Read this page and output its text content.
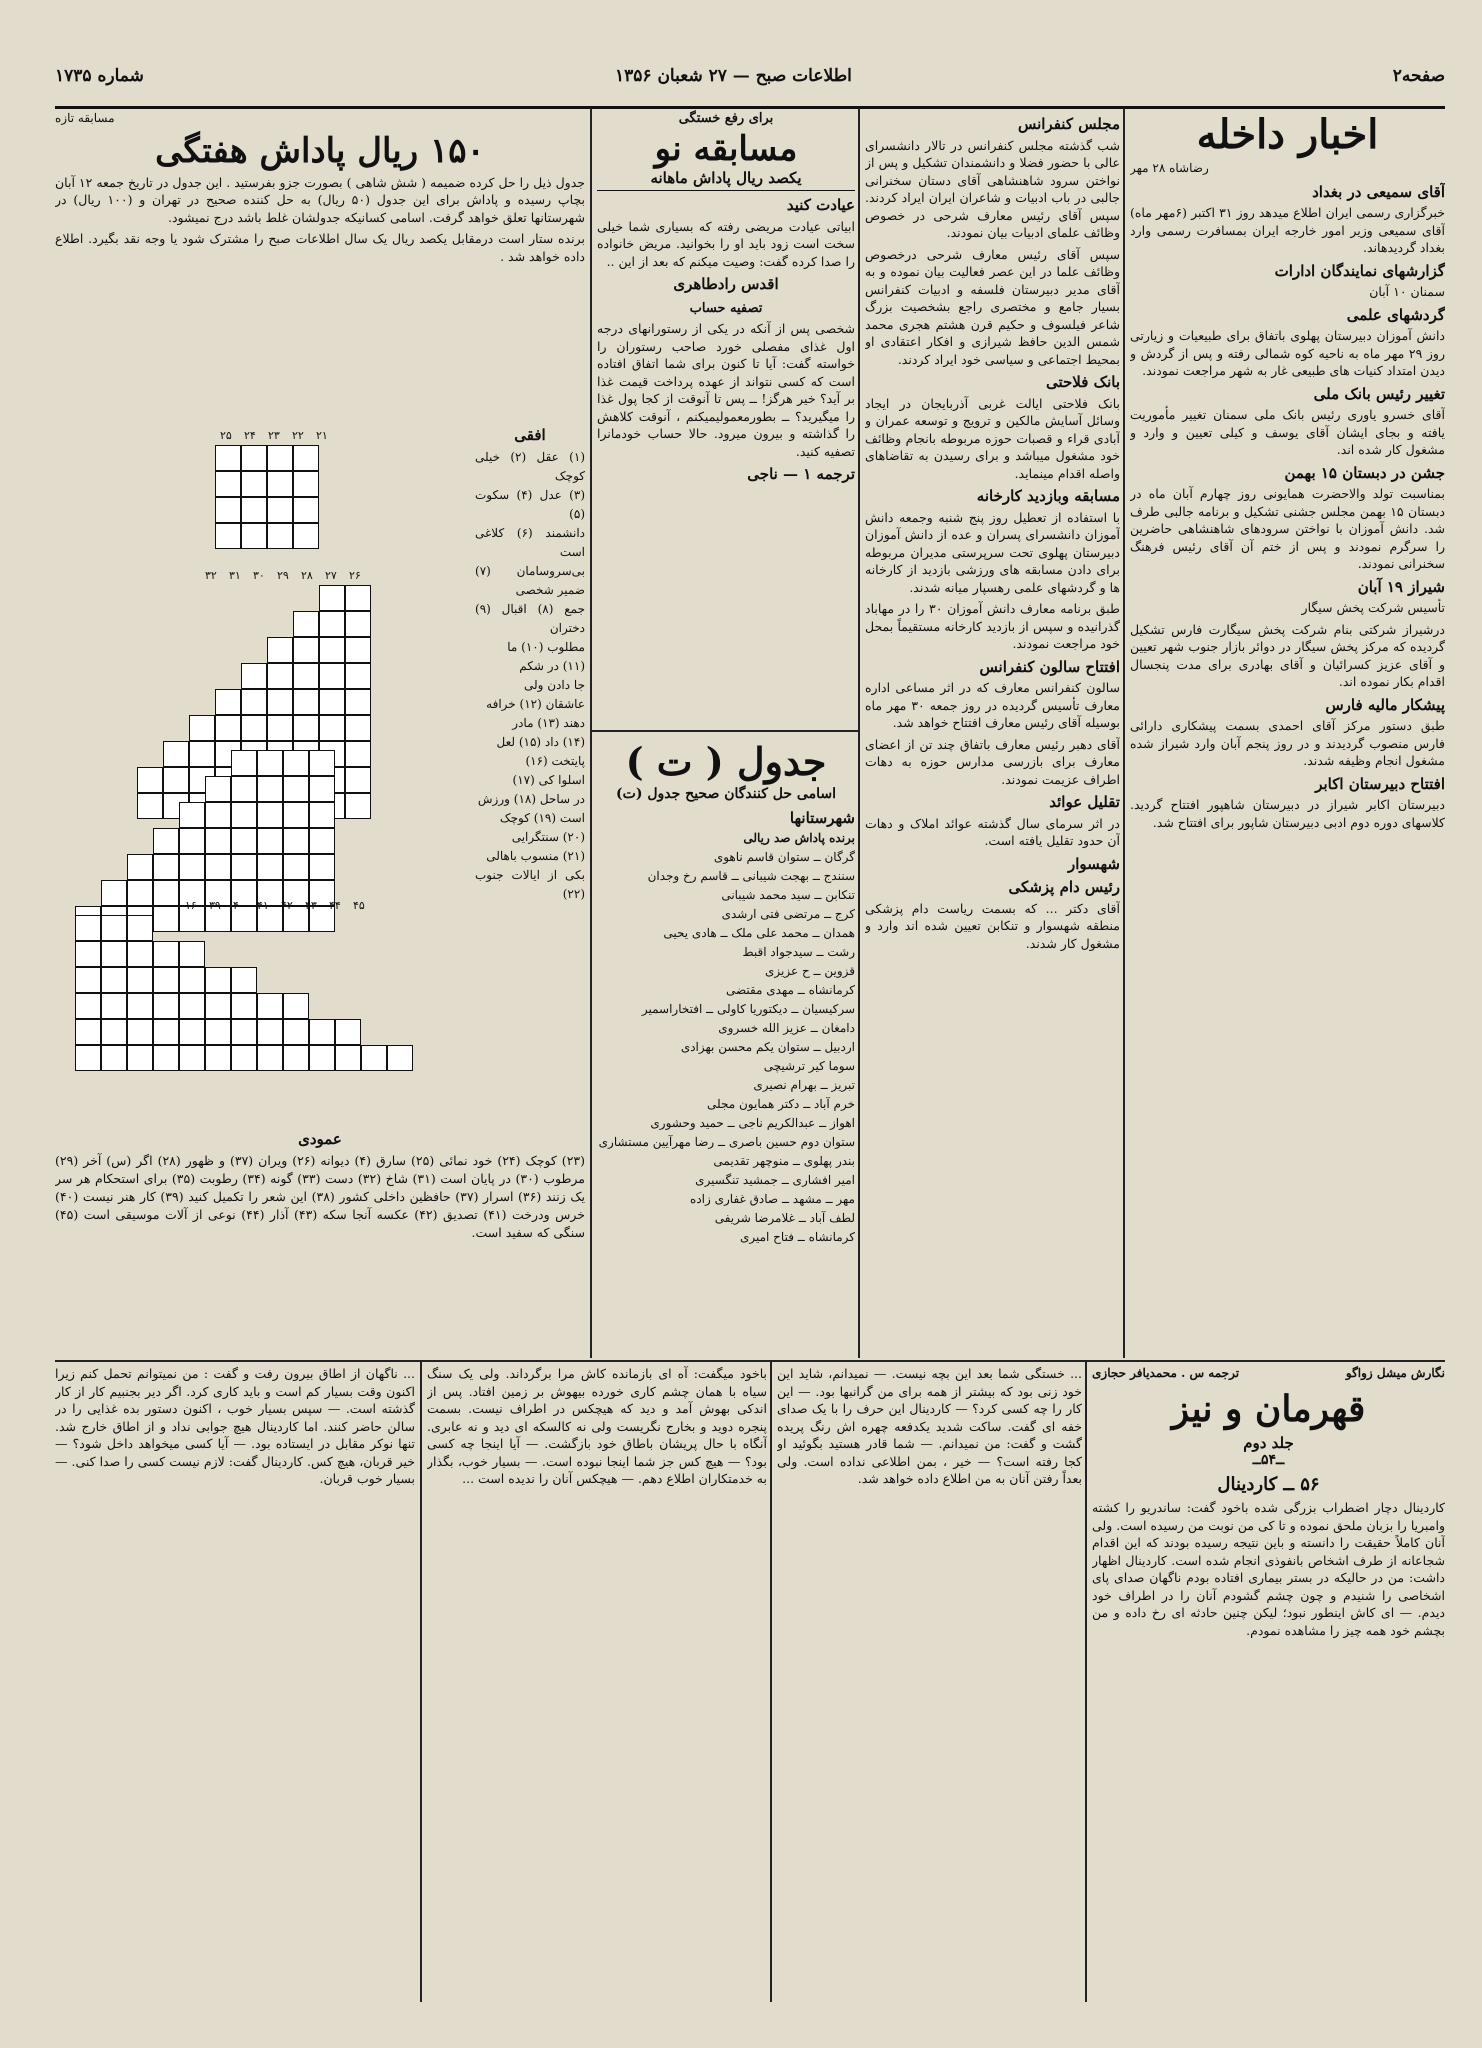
صفحه۲
اطلاعات صبح — ۲۷ شعبان ۱۳۵۶
شماره ۱۷۳۵
اخبار داخله
رضاشاه ۲۸ مهر
آقای سمیعی در بغداد

خبرگزاری رسمی ایران اطلاع میدهد روز ۳۱ اکتبر (۶مهر ماه) آقای سمیعی وزیر امور خارجه ایران بمسافرت رسمی وارد بغداد گردیدهاند.

گزارشهای نمایندگان ادارات

سمنان ۱۰ آبان

گردشهای علمی

دانش آموزان دبیرستان پهلوی باتفاق برای طبیعیات و زیارتی روز ۲۹ مهر ماه به ناحیه کوه شمالی رفته و پس از گردش و دیدن امتداد کنیات های طبیعی غار به شهر مراجعت نمودند.

تغییر رئیس بانک ملی

آقای خسرو یاوری رئیس بانک ملی سمنان تغییر مأموریت یافته و بجای ایشان آقای یوسف و کیلی تعیین و وارد و مشغول کار شده اند.

جشن در دبستان ۱۵ بهمن

بمناسبت تولد والاحضرت همایونی روز چهارم آبان ماه در دبستان ۱۵ بهمن مجلس جشنی تشکیل و برنامه جالبی طرف شد. دانش آموزان با نواختن سرودهای شاهنشاهی حاضرین را سرگرم نمودند و پس از ختم آن آقای رئیس فرهنگ سخنرانی نمودند.

شیراز ۱۹ آبان

تأسیس شرکت پخش سیگار

درشیراز شرکتی بنام شرکت پخش سیگارت فارس تشکیل گردیده که مرکز پخش سیگار در دوائر بازار جنوب شهر تعیین و آقای عزیز کسرائیان و آقای بهادری برای مدت پنجسال اقدام بکار نموده اند.

پیشکار مالیه فارس

طبق دستور مرکز آقای احمدی بسمت پیشکاری دارائی فارس منصوب گردیدند و در روز پنجم آبان وارد شیراز شده مشغول انجام وظیفه شدند.

افتتاح دبیرستان اکابر

دبیرستان اکابر شیراز در دبیرستان شاهپور افتتاح گردید. کلاسهای دوره دوم ادبی دبیرستان شاپور برای افتتاح شد.

مجلس کنفرانس

شب گذشته مجلس کنفرانس در تالار دانشسرای عالی با حضور فضلا و دانشمندان تشکیل و پس از نواختن سرود شاهنشاهی آقای دستان سخنرانی جالبی در باب ادبیات و شاعران ایران ایراد کردند. سپس آقای رئیس معارف شرحی در خصوص وظائف علمای ادبیات بیان نمودند.

سپس آقای رئیس معارف شرحی درخصوص وظائف علما در این عصر فعالیت بیان نموده و به آقای مدیر دبیرستان فلسفه و ادبیات کنفرانس بسیار جامع و مختصری راجع بشخصیت بزرگ شاعر فیلسوف و حکیم قرن هشتم هجری محمد شمس الدین حافظ شیرازی و افکار اعتقادی او بمحیط اجتماعی و سیاسی خود ایراد کردند.

بانک فلاحتی

بانک فلاحتی ایالت غربی آذربایجان در ایجاد وسائل آسایش مالکین و ترویج و توسعه عمران و آبادی قراء و قصبات حوزه مربوطه بانجام وظائف خود مشغول میباشد و برای رسیدن به تقاضاهای واصله اقدام مینماید.

مسابقه وبازدید کارخانه

با استفاده از تعطیل روز پنج شنبه وجمعه دانش آموزان دانشسرای پسران و عده از دانش آموزان دبیرستان پهلوی تحت سرپرستی مدیران مربوطه برای دادن مسابقه های ورزشی بازدید از کارخانه ها و گردشهای علمی رهسپار میانه شدند.

طبق برنامه معارف دانش آموزان ۳۰ را در مهاباد گذرانیده و سپس از بازدید کارخانه مستقیماً بمحل خود مراجعت نمودند.

افتتاح سالون کنفرانس

سالون کنفرانس معارف که در اثر مساعی اداره معارف تأسیس گردیده در روز جمعه ۳۰ مهر ماه بوسیله آقای رئیس معارف افتتاح خواهد شد.

آقای دهبر رئیس معارف باتفاق چند تن از اعضای معارف برای بازرسی مدارس حوزه به دهات اطراف عزیمت نمودند.

تقلیل عوائد

در اثر سرمای سال گذشته عوائد املاک و دهات آن حدود تقلیل یافته است.

شهسوار
رئیس دام پزشکی

آقای دکتر ... که بسمت ریاست دام پزشکی منطقه شهسوار و تنکابن تعیین شده اند وارد و مشغول کار شدند.

برای رفع خستگی
مسابقه نو
یکصد ریال پاداش ماهانه
عیادت کنید

ابیاتی عیادت مریضی رفته که بسیاری شما خیلی سخت است زود باید او را بخوانید. مریض خانواده را صدا کرده گفت: وصیت میکنم که بعد از این ..

اقدس رادطاهری
تصفیه حساب

شخصی پس از آنکه در یکی از رستورانهای درجه اول غذای مفصلی خورد صاحب رستوران را خواسته گفت: آیا تا کنون برای شما اتفاق افتاده است که کسی نتواند از عهده پرداخت قیمت غذا بر آید؟ خیر هرگز! ــ پس تا آنوقت از کجا پول غذا را میگیرید؟ ــ بطورمعمولیمیکنم ، آنوقت کلاهش را گذاشته و بیرون میرود. حالا حساب خودمانرا تصفیه کنید.

ترجمه ۱ — ناجی
جدول ( ت )
اسامی حل کنندگان صحیح جدول (ت)
شهرستانها
برنده پاداش صد ریالی
گرگان ــ ستوان قاسم ناهوی
سنندج ــ بهجت شیبانی ــ قاسم رخ وجدان
تنکابن ــ سید محمد شیبانی
کرج ــ مرتضی فتی ارشدی
همدان ــ محمد علی ملک ــ هادی یحیی
رشت ــ سیدجواد اقبط
قزوین ــ ح عزیزی
کرمانشاه ــ مهدی مقتضی
سرکیسیان ــ دیکتوریا کاولی ــ افتخاراسمیر
دامغان ــ عزیز الله خسروی
اردبیل ــ ستوان یکم محسن بهزادی
سوما کیر ترشیچی
تبریز ــ بهرام نصیری
خرم آباد ــ دکتر همایون مجلی
اهواز ــ عبدالکریم ناجی ــ حمید وحشوری
ستوان دوم حسین باصری ــ رضا مهرآیین مستشاری
بندر پهلوی ــ منوچهر تقدیمی
امیر افشاری ــ جمشید تنگسیری
مهر ــ مشهد ــ صادق غفاری زاده
لطف آباد ــ غلامرضا شریفی
کرمانشاه ــ فتاح امیری
مسابقه تازه
۱۵۰ ریال پاداش هفتگی

جدول ذیل را حل کرده ضمیمه ( شش شاهی ) بصورت جزو بفرستید . این جدول در تاریخ جمعه ۱۲ آبان بچاپ رسیده و پاداش برای این جدول (۵۰ ریال) به حل کننده صحیح در تهران و (۱۰۰ ریال) در شهرستانها تعلق خواهد گرفت. اسامی کسانیکه جدولشان غلط باشد درج نمیشود.

برنده ستار است درمقابل یکصد ریال یک سال اطلاعات صبح را مشترک شود یا وجه نقد بگیرد. اطلاع داده خواهد شد .

افقی
(۱) عقل (۲) خیلی کوچک
(۳) عدل (۴) سکوت (۵)
دانشمند (۶) کلاغی است
بی‌سروسامان (۷) ضمیر شخصی
جمع (۸) اقبال (۹) دختران
مطلوب (۱۰) ما
(۱۱) در شکم
جا دادن ولی
عاشقان (۱۲) خرافه
دهند (۱۳) مادر
(۱۴) داد (۱۵) لعل
پایتخت (۱۶)
اسلوا کی (۱۷)
در ساحل (۱۸) ورزش
است (۱۹) کوچک
(۲۰) سنتگرایی
(۲۱) منسوب باهالی
بکی از ایالات جنوب (۲۲)
۲۵ ۲۴ ۲۳ ۲۲ ۲۱
۳۲ ۳۱ ۳۰ ۲۹ ۲۸ ۲۷ ۲۶
۱۶ ۳۹ ۴۰ ۴۱ ۴۲ ۴۳ ۴۴ ۴۵
عمودی

(۲۳) کوچک (۲۴) خود نمائی (۲۵) سارق (۴) دیوانه (۲۶) ویران (۳۷) و ظهور (۲۸) اگر (س) آخر (۲۹) مرطوب (۳۰) در پایان است (۳۱) شاخ (۳۲) دست (۳۳) گونه (۳۴) رطوبت (۳۵) برای استحکام هر سر یک زنند (۳۶) اسرار (۳۷) حافظین داخلی کشور (۳۸) این شعر را تکمیل کنید (۳۹) کار هنر نیست (۴۰) خرس ودرخت (۴۱) تصدیق (۴۲) عکسه آنجا سکه (۴۳) آذار (۴۴) نوعی از آلات موسیقی است (۴۵) سنگی که سفید است.

نگارش میشل زواگو
ترجمه س . محمدیافر حجازی
قهرمان و نیز
جلد دوم
ــ۵۴ــ
۵۶ ــ کاردینال

کاردینال دچار اضطراب بزرگی شده باخود گفت: ساندریو را کشته وامبریا را بزبان ملحق نموده و تا کی من نوبت من رسیده است. ولی آنان کاملاً حقیقت را دانسته و باین نتیجه رسیده بودند که این اقدام شجاعانه از طرف اشخاص بانفوذی انجام شده است. کاردینال اظهار داشت: من در حالیکه در بستر بیماری افتاده بودم ناگهان صدای پای اشخاصی را شنیدم و چون چشم گشودم آنان را در اطراف خود دیدم. — ای کاش اینطور نبود؛ لیکن چنین حادثه ای رخ داده و من بچشم خود همه چیز را مشاهده نمودم.

... خستگی شما بعد این بچه نیست. — نمیدانم، شاید این خود زنی بود که بیشتر از همه برای من گرانبها بود. — این کار را چه کسی کرد؟ — کاردینال این حرف را با یک صدای خفه ای گفت. ساکت شدید یکدفعه چهره اش رنگ پریده گشت و گفت: من نمیدانم. — شما قادر هستید بگوئید او کجا رفته است؟ — خیر ، بمن اطلاعی نداده است. ولی بعداً رفتن آنان به من اطلاع داده خواهد شد.

باخود میگفت: آه ای بازمانده کاش مرا برگرداند. ولی یک سنگ سیاه با همان چشم کاری خورده بیهوش بر زمین افتاد. پس از اندکی بهوش آمد و دید که هیچکس در اطراف نیست. بسمت پنجره دوید و بخارج نگریست ولی نه کالسکه ای دید و نه عابری. آنگاه با حال پریشان باطاق خود بازگشت. — آیا اینجا چه کسی بود؟ — هیچ کس جز شما اینجا نبوده است. — بسیار خوب، بگذار به خدمتکاران اطلاع دهم. — هیچکس آنان را ندیده است ...

... ناگهان از اطاق بیرون رفت و گفت : من نمیتوانم تحمل کنم زیرا اکنون وقت بسیار کم است و باید کاری کرد. اگر دیر بجنبیم کار از کار گذشته است. — سپس بسیار خوب ، اکنون دستور بده غذایی را در سالن حاضر کنند. اما کاردینال هیچ جوابی نداد و از اطاق خارج شد. تنها نوکر مقابل در ایستاده بود. — آیا کسی میخواهد داخل شود؟ — خیر قربان، هیچ کس. کاردینال گفت: لازم نیست کسی را صدا کنی. — بسیار خوب قربان.
